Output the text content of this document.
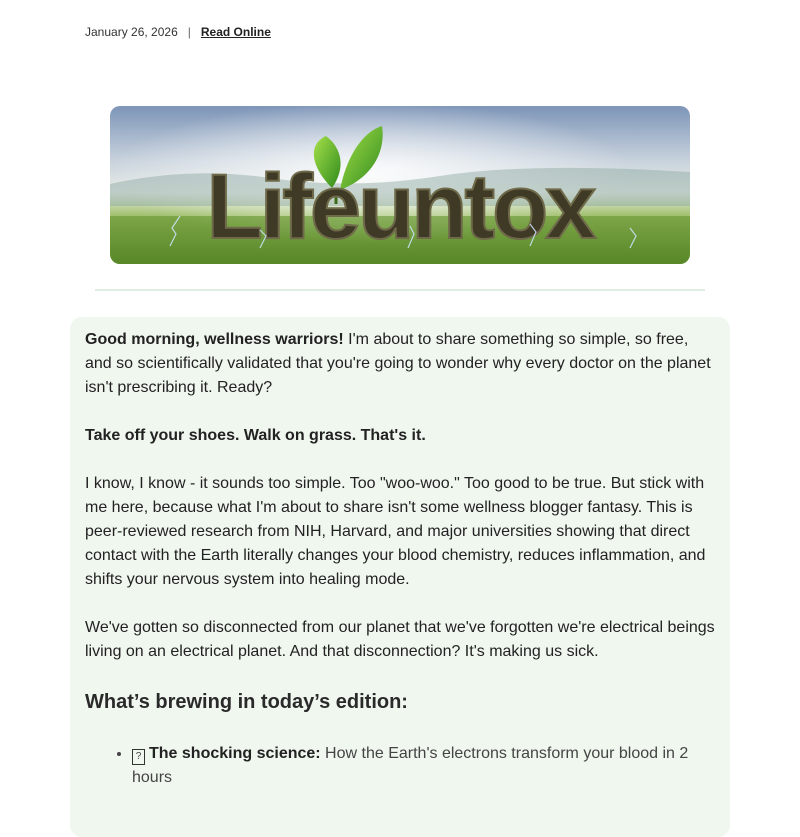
January 26, 2026 | Read Online
Lifeuntox

Good morning, wellness warriors! I'm about to share something so simple, so free, and so scientifically validated that you're going to wonder why every doctor on the planet isn't prescribing it. Ready?

Take off your shoes. Walk on grass. That's it.

I know, I know - it sounds too simple. Too "woo-woo." Too good to be true. But stick with me here, because what I'm about to share isn't some wellness blogger fantasy. This is peer-reviewed research from NIH, Harvard, and major universities showing that direct contact with the Earth literally changes your blood chemistry, reduces inflammation, and shifts your nervous system into healing mode.

We've gotten so disconnected from our planet that we've forgotten we're electrical beings living on an electrical planet. And that disconnection? It's making us sick.

What’s brewing in today’s edition:
• ? The shocking science: How the Earth's electrons transform your blood in 2 hours
